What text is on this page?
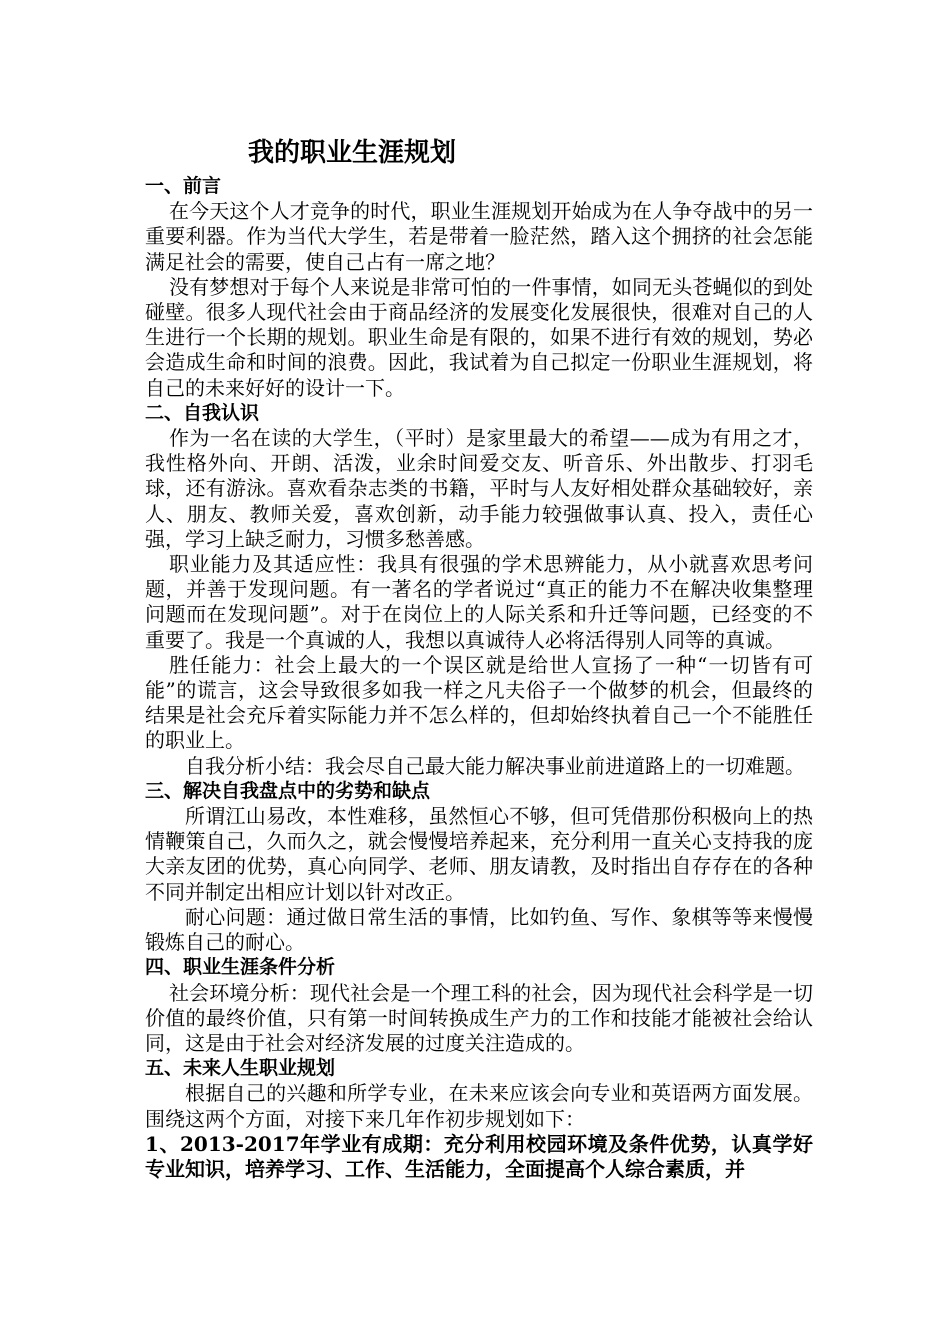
我的职业生涯规划
一、前言

在今天这个人才竞争的时代，职业生涯规划开始成为在人争夺战中的另一重要利器。作为当代大学生，若是带着一脸茫然，踏入这个拥挤的社会怎能满足社会的需要，使自己占有一席之地？

没有梦想对于每个人来说是非常可怕的一件事情，如同无头苍蝇似的到处碰壁。很多人现代社会由于商品经济的发展变化发展很快，很难对自己的人生进行一个长期的规划。职业生命是有限的，如果不进行有效的规划，势必会造成生命和时间的浪费。因此，我试着为自己拟定一份职业生涯规划，将自己的未来好好的设计一下。

二、自我认识

作为一名在读的大学生，（平时）是家里最大的希望——成为有用之才，我性格外向、开朗、活泼，业余时间爱交友、听音乐、外出散步、打羽毛球，还有游泳。喜欢看杂志类的书籍，平时与人友好相处群众基础较好，亲人、朋友、教师关爱，喜欢创新，动手能力较强做事认真、投入，责任心强，学习上缺乏耐力，习惯多愁善感。

职业能力及其适应性：我具有很强的学术思辨能力，从小就喜欢思考问题，并善于发现问题。有一著名的学者说过“真正的能力不在解决收集整理问题而在发现问题”。对于在岗位上的人际关系和升迁等问题，已经变的不重要了。我是一个真诚的人，我想以真诚待人必将活得别人同等的真诚。

胜任能力：社会上最大的一个误区就是给世人宣扬了一种“一切皆有可能”的谎言，这会导致很多如我一样之凡夫俗子一个做梦的机会，但最终的结果是社会充斥着实际能力并不怎么样的，但却始终执着自己一个不能胜任的职业上。

自我分析小结：我会尽自己最大能力解决事业前进道路上的一切难题。

三、解决自我盘点中的劣势和缺点

所谓江山易改，本性难移，虽然恒心不够，但可凭借那份积极向上的热情鞭策自己，久而久之，就会慢慢培养起来，充分利用一直关心支持我的庞大亲友团的优势，真心向同学、老师、朋友请教，及时指出自存存在的各种不同并制定出相应计划以针对改正。

耐心问题：通过做日常生活的事情，比如钓鱼、写作、象棋等等来慢慢锻炼自己的耐心。

四、职业生涯条件分析

社会环境分析：现代社会是一个理工科的社会，因为现代社会科学是一切价值的最终价值，只有第一时间转换成生产力的工作和技能才能被社会给认同，这是由于社会对经济发展的过度关注造成的。

五、未来人生职业规划

根据自己的兴趣和所学专业，在未来应该会向专业和英语两方面发展。围绕这两个方面，对接下来几年作初步规划如下：

1、2013-2017年学业有成期：充分利用校园环境及条件优势，认真学好专业知识，培养学习、工作、生活能力，全面提高个人综合素质，并
